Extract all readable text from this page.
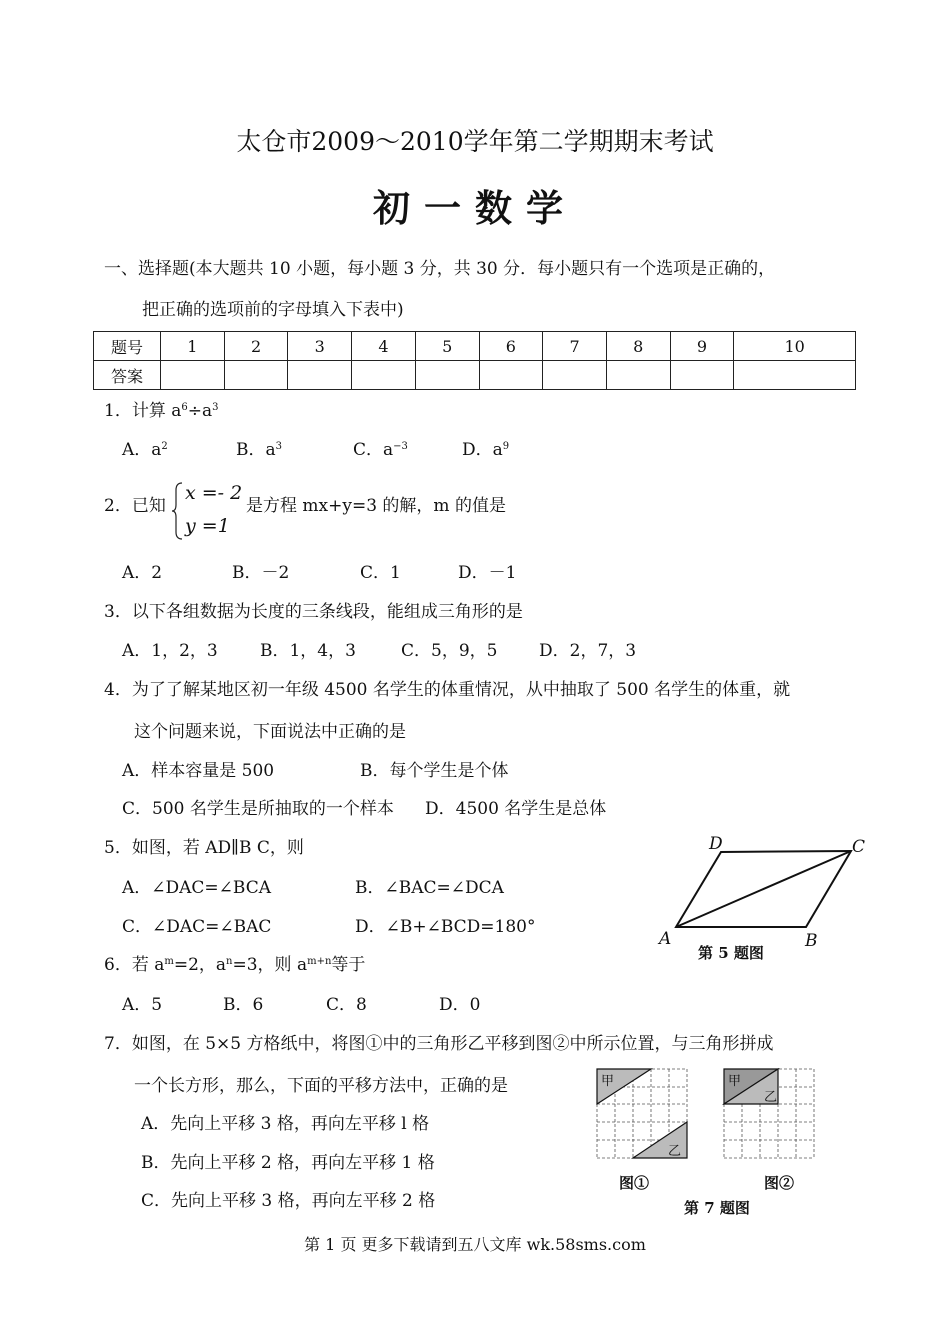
太仓市2009～2010学年第二学期期末考试
初一数学
一、选择题(本大题共 10 小题，每小题 3 分，共 30 分．每小题只有一个选项是正确的，
把正确的选项前的字母填入下表中)
题号	1	2	3	4	5	6	7	8	9	10
答案										
1．计算 $a^6\div a^3$
A．$a^2$	B．$a^3$	C．$a^{-3}$	D．$a^9$
2．已知
x =- 2
y =1
是方程 mx+y=3 的解，m 的值是
A．2	B．－2	C．1	D．－1
3．以下各组数据为长度的三条线段，能组成三角形的是
A．1，2，3 B．1，4，3	C．5，9，5 D．2，7，3
4．为了了解某地区初一年级 4500 名学生的体重情况，从中抽取了 500 名学生的体重，就
这个问题来说，下面说法中正确的是
A．样本容量是 500	B．每个学生是个体
C．500 名学生是所抽取的一个样本 D．4500 名学生是总体
5．如图，若 AD∥B C，则
A．∠DAC=∠BCA	B．∠BAC=∠DCA
C．∠DAC=∠BAC	D．∠B+∠BCD=180°
D	C
A	B
第 5 题图
6．若 $a^m=2$，$a^n=3$，则 $a^{m+n}$等于
A．5	B．6	C．8	D．0
7．如图，在 5×5 方格纸中，将图①中的三角形乙平移到图②中所示位置，与三角形拼成
一个长方形，那么，下面的平移方法中，正确的是
A．先向上平移 3 格，再向左平移 l 格
B．先向上平移 2 格，再向左平移 1 格
C．先向上平移 3 格，再向左平移 2 格
甲
乙
甲
乙
图①	图②
第 7 题图
第 1 页 更多下载请到五八文库 wk.58sms.com
